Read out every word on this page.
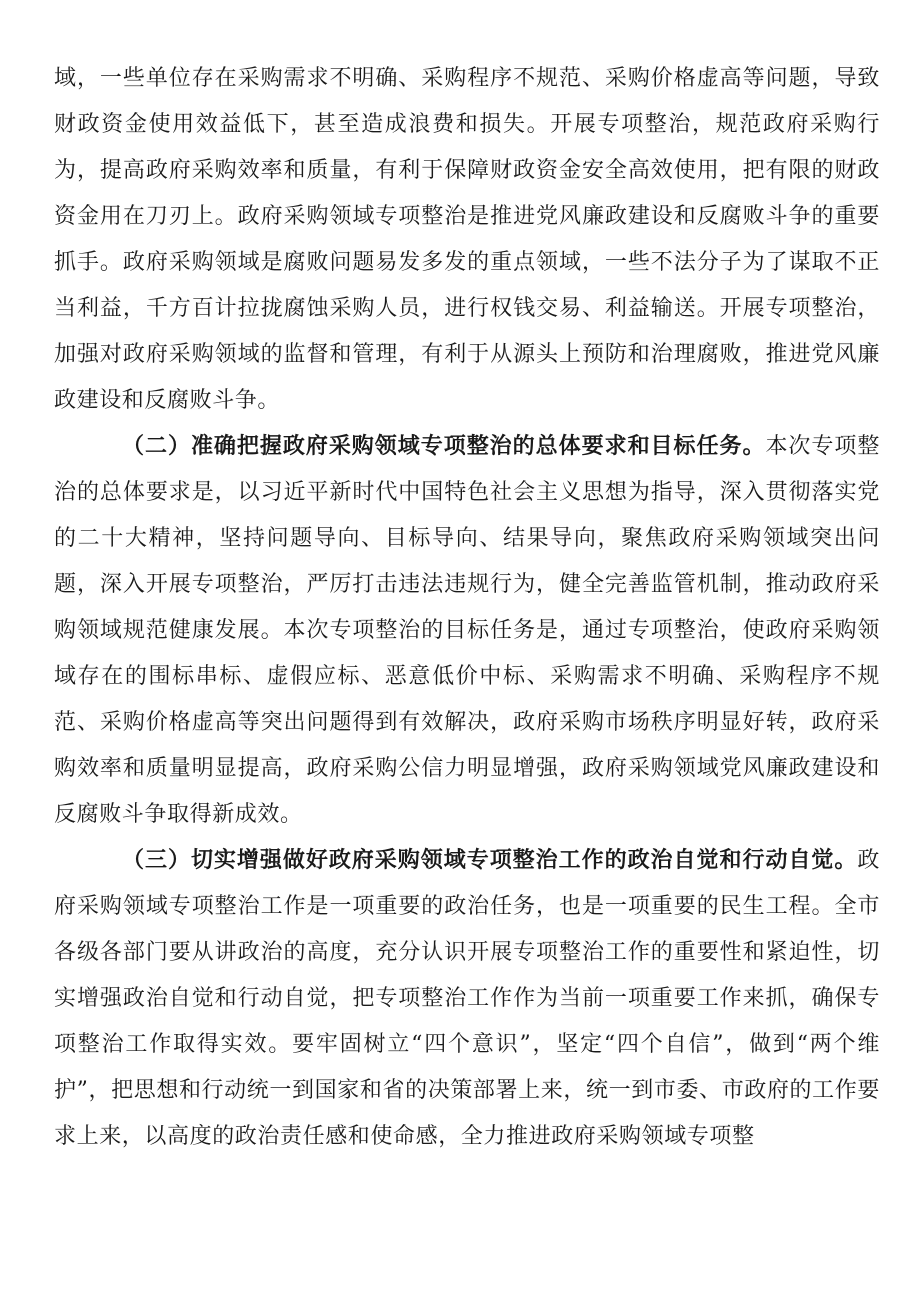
域，一些单位存在采购需求不明确、采购程序不规范、采购价格虚高等问题，导致财政资金使用效益低下，甚至造成浪费和损失。开展专项整治，规范政府采购行为，提高政府采购效率和质量，有利于保障财政资金安全高效使用，把有限的财政资金用在刀刃上。政府采购领域专项整治是推进党风廉政建设和反腐败斗争的重要抓手。政府采购领域是腐败问题易发多发的重点领域，一些不法分子为了谋取不正当利益，千方百计拉拢腐蚀采购人员，进行权钱交易、利益输送。开展专项整治，加强对政府采购领域的监督和管理，有利于从源头上预防和治理腐败，推进党风廉政建设和反腐败斗争。

（二）准确把握政府采购领域专项整治的总体要求和目标任务。本次专项整治的总体要求是，以习近平新时代中国特色社会主义思想为指导，深入贯彻落实党的二十大精神，坚持问题导向、目标导向、结果导向，聚焦政府采购领域突出问题，深入开展专项整治，严厉打击违法违规行为，健全完善监管机制，推动政府采购领域规范健康发展。本次专项整治的目标任务是，通过专项整治，使政府采购领域存在的围标串标、虚假应标、恶意低价中标、采购需求不明确、采购程序不规范、采购价格虚高等突出问题得到有效解决，政府采购市场秩序明显好转，政府采购效率和质量明显提高，政府采购公信力明显增强，政府采购领域党风廉政建设和反腐败斗争取得新成效。

（三）切实增强做好政府采购领域专项整治工作的政治自觉和行动自觉。政府采购领域专项整治工作是一项重要的政治任务，也是一项重要的民生工程。全市各级各部门要从讲政治的高度，充分认识开展专项整治工作的重要性和紧迫性，切实增强政治自觉和行动自觉，把专项整治工作作为当前一项重要工作来抓，确保专项整治工作取得实效。要牢固树立“四个意识”，坚定“四个自信”，做到“两个维护”，把思想和行动统一到国家和省的决策部署上来，统一到市委、市政府的工作要求上来，以高度的政治责任感和使命感，全力推进政府采购领域专项整
